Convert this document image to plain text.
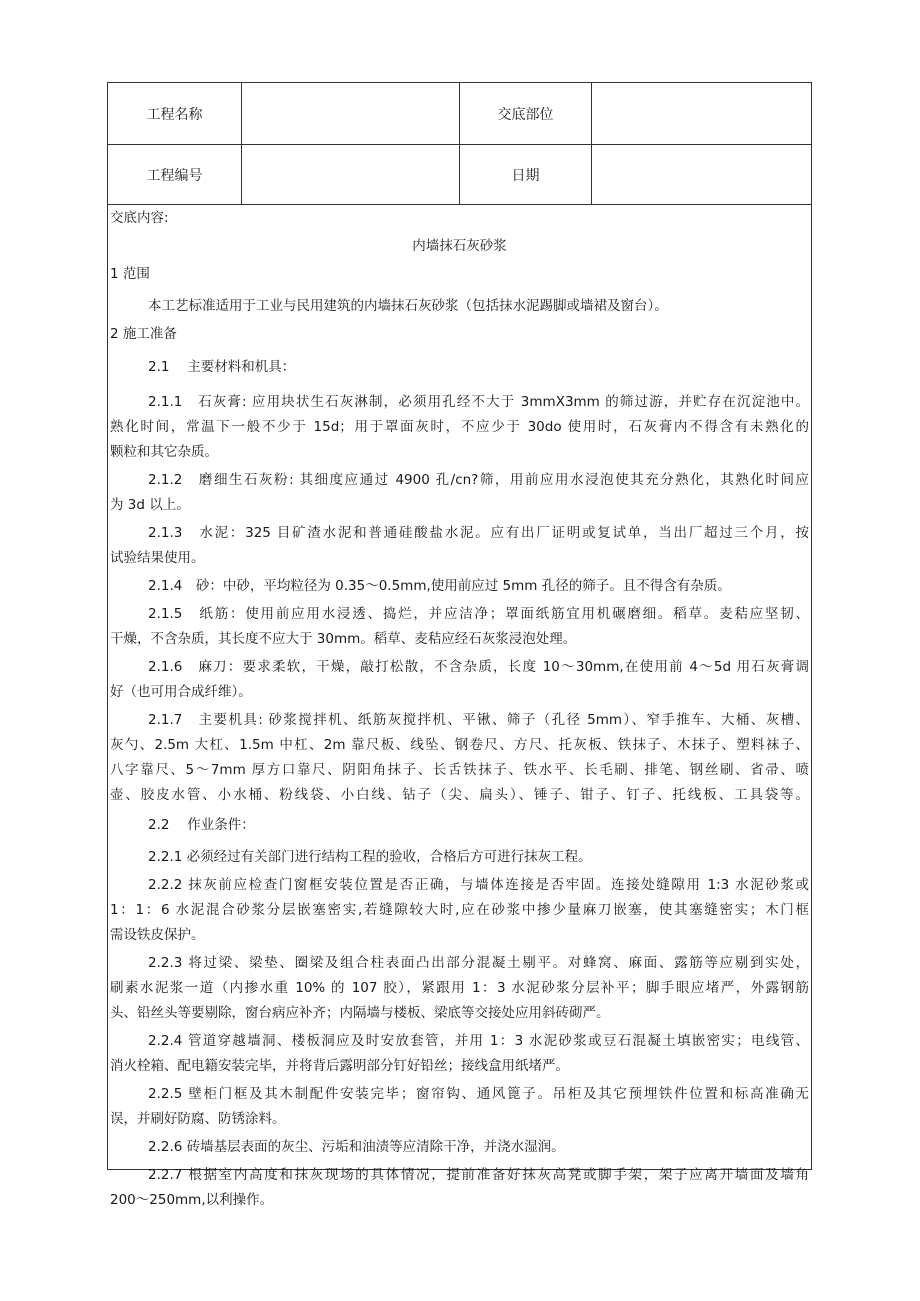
工程名称	交底部位
工程编号	日期
交底内容:
内墙抹石灰砂浆
1 范围
本工艺标准适用于工业与民用建筑的内墙抹石灰砂浆（包括抹水泥踢脚或墙裙及窗台）。
2 施工准备
2.1　 主要材料和机具：
2.1.1　石灰膏: 应用块状生石灰淋制，必须用孔经不大于 3mmX3mm 的筛过游，并贮存在沉淀池中。
熟化时间，常温下一般不少于 15d；用于罩面灰时，不应少于 30do 使用时，石灰膏内不得含有未熟化的
颗粒和其它杂质。
2.1.2　磨细生石灰粉: 其细度应通过 4900 孔/cn?筛，用前应用水浸泡使其充分熟化，其熟化时间应
为 3d 以上。
2.1.3　水泥：325 目矿渣水泥和普通硅酸盐水泥。应有出厂证明或复试单，当出厂超过三个月，按
试验结果使用。
2.1.4　砂：中砂，平均粒径为 0.35～0.5mm,使用前应过 5mm 孔径的筛子。且不得含有杂质。
2.1.5　纸筋：使用前应用水浸透、捣烂，并应洁净；罩面纸筋宜用机碾磨细。稻草。麦秸应坚韧、
干燥，不含杂质，其长度不应大于 30mm。稻草、麦秸应经石灰浆浸泡处理。
2.1.6　麻刀：要求柔软，干燥，敲打松散，不含杂质，长度 10～30mm,在使用前 4～5d 用石灰膏调
好（也可用合成纤维）。
2.1.7　主要机具: 砂浆搅拌机、纸筋灰搅拌机、平锹、筛子（孔径 5mm）、窄手推车、大桶、灰槽、
灰勺、2.5m 大杠、1.5m 中杠、2m 靠尺板、线坠、钢卷尺、方尺、托灰板、铁抹子、木抹子、塑料袜子、
八字靠尺、5～7mm 厚方口靠尺、阴阳角抹子、长舌铁抹子、铁水平、长毛刷、排笔、钢丝刷、省帚、喷
壶、胶皮水管、小水桶、粉线袋、小白线、钻子（尖、扁头）、锤子、钳子、钉子、托线板、工具袋等。
2.2　 作业条件：
2.2.1 必须经过有关部门进行结构工程的验收，合格后方可进行抹灰工程。
2.2.2 抹灰前应检查门窗框安装位置是否正确，与墙体连接是否牢固。连接处缝隙用 1:3 水泥砂浆或
1：1：6 水泥混合砂浆分层嵌塞密实,若缝隙较大时,应在砂浆中掺少量麻刀嵌塞，使其塞缝密实；木门框
需设铁皮保护。
2.2.3 将过梁、梁垫、圈梁及组合柱表面凸出部分混凝土剔平。对蜂窝、麻面、露筋等应剔到实处，
刷素水泥浆一道（内掺水重 10% 的 107 胶），紧跟用 1：3 水泥砂浆分层补平；脚手眼应堵严，外露钢筋
头、铅丝头等要剔除，窗台病应补齐；内隔墙与楼板、梁底等交接处应用斜砖砌严。
2.2.4 管道穿越墙洞、楼板洞应及时安放套管，并用 1：3 水泥砂浆或豆石混凝土填嵌密实；电线管、
消火栓箱、配电籍安装完毕，并将背后露明部分钉好铅丝；接线盒用纸堵严。
2.2.5 壁柜门框及其木制配件安装完毕；窗帘钩、通风篦子。吊柜及其它预埋铁件位置和标高准确无
误，并刷好防腐、防锈涂料。
2.2.6 砖墙基层表面的灰尘、污垢和油渍等应清除干净，并浇水湿润。
2.2.7 根据室内高度和抹灰现场的具体情况，提前准备好抹灰高凳或脚手架，架子应离开墙面及墙角
200～250mm,以利操作。
